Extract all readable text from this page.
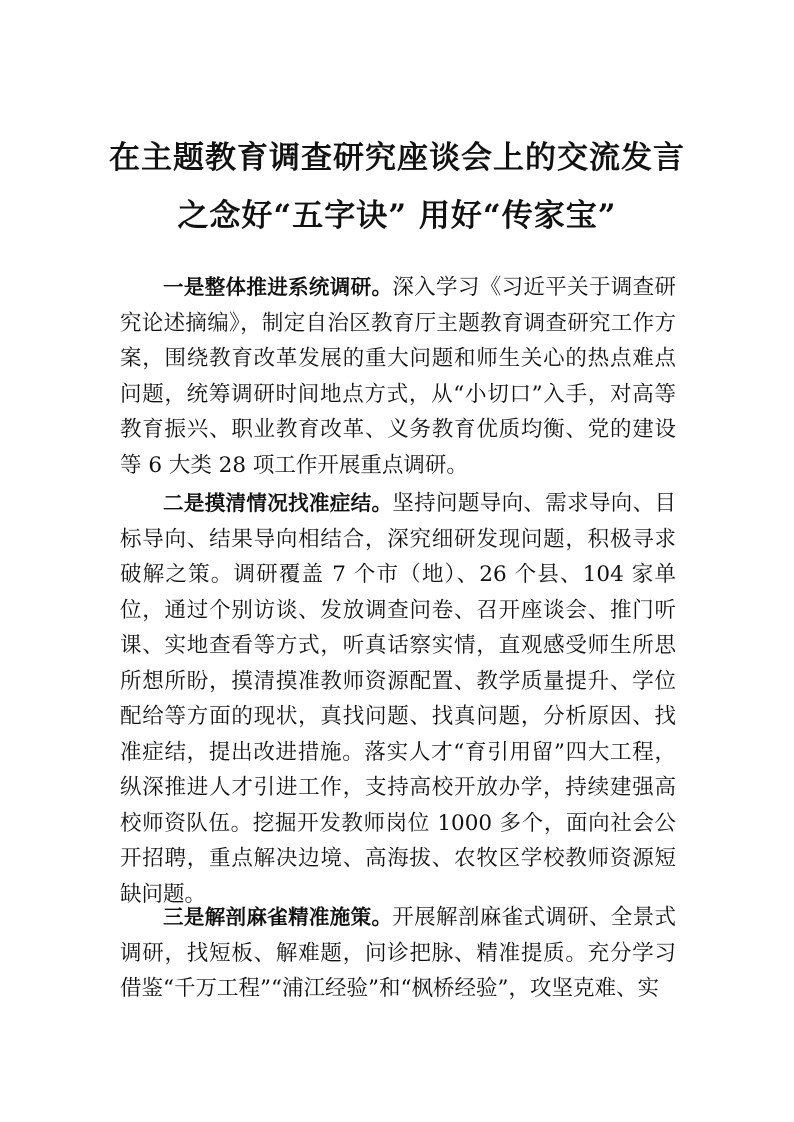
在主题教育调查研究座谈会上的交流发言
之念好“五字诀” 用好“传家宝”

一是整体推进系统调研。深入学习《习近平关于调查研究论述摘编》，制定自治区教育厅主题教育调查研究工作方 案，围绕教育改革发展的重大问题和师生关心的热点难点问题，统筹调研时间地点方式，从“小切口”入手，对高等教育振兴、职业教育改革、义务教育优质均衡、党的建设等 6 大类 28 项工作开展重点调研。

二是摸清情况找准症结。坚持问题导向、需求导向、目标导向、结果导向相结合，深究细研发现问题，积极寻求破解之策。调研覆盖 7 个市（地）、26 个县、104 家单位，通过个别访谈、发放调查问卷、召开座谈会、推门听课、实地查看等方式，听真话察实情，直观感受师生所思所想所盼，摸清摸准教师资源配置、教学质量提升、学位配给等方面的现状，真找问题、找真问题，分析原因、找准症结，提出改进措施。落实人才“育引用留”四大工程，纵深推进人才引进工作，支持高校开放办学，持续建强高校师资队伍。挖掘开发教师岗位 1000 多个，面向社会公开招聘，重点解决边境、高海拔、农牧区学校教师资源短缺问题。

三是解剖麻雀精准施策。开展解剖麻雀式调研、全景式调研，找短板、解难题，问诊把脉、精准提质。充分学习借鉴“千万工程”“浦江经验”和“枫桥经验”，攻坚克难、实
